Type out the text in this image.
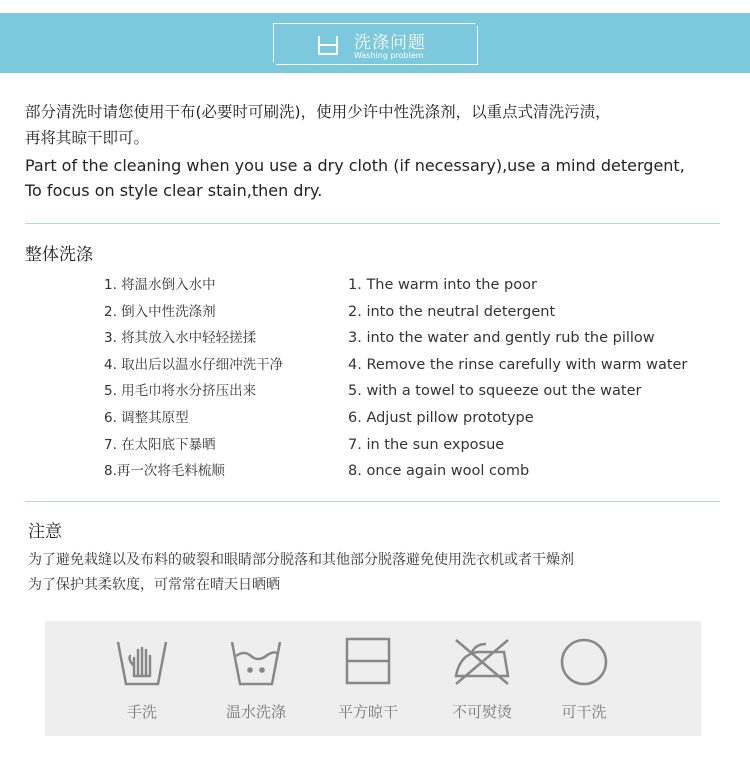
洗涤问题
Washing problem
部分清洗时请您使用干布(必要时可刷洗)，使用少许中性洗涤剂，以重点式清洗污渍，
再将其晾干即可。
Part of the cleaning when you use a dry cloth (if necessary),use a mind detergent,
To focus on style clear stain,then dry.
整体洗涤
1. 将温水倒入水中
2. 倒入中性洗涤剂
3. 将其放入水中轻轻搓揉
4. 取出后以温水仔细冲洗干净
5. 用毛巾将水分挤压出来
6. 调整其原型
7. 在太阳底下暴晒
8.再一次将毛料梳顺
1. The warm into the poor
2. into the neutral detergent
3. into the water and gently rub the pillow
4. Remove the rinse carefully with warm water
5. with a towel to squeeze out the water
6. Adjust pillow prototype
7. in the sun exposue
8. once again wool comb
注意
为了避免栽缝以及布料的破裂和眼睛部分脱落和其他部分脱落避免使用洗衣机或者干燥剂
为了保护其柔软度，可常常在晴天日晒晒
手洗	温水洗涤	平方晾干	不可熨烫	可干洗
